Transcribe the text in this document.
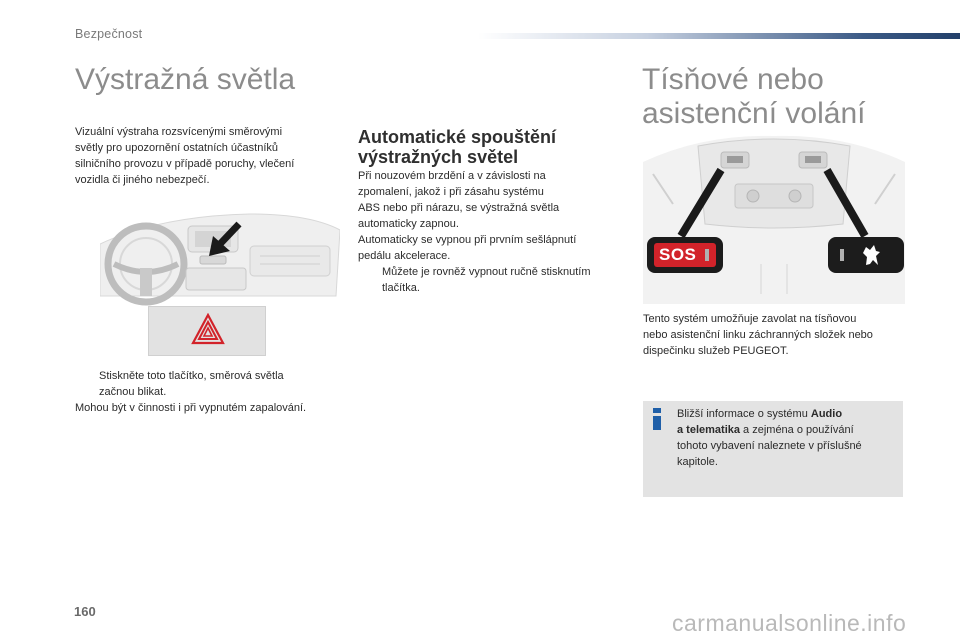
Bezpečnost
Výstražná světla
Vizuální výstraha rozsvícenými směrovými
světly pro upozornění ostatních účastníků
silničního provozu v případě poruchy, vlečení
vozidla či jiného nebezpečí.
Stiskněte toto tlačítko, směrová světla
začnou blikat.
Mohou být v činnosti i při vypnutém zapalování.
Automatické spouštění
výstražných světel
Při nouzovém brzdění a v závislosti na
zpomalení, jakož i při zásahu systému
ABS nebo při nárazu, se výstražná světla
automaticky zapnou.
Automaticky se vypnou při prvním sešlápnutí
pedálu akcelerace.
Můžete je rovněž vypnout ručně stisknutím
tlačítka.
Tísňové nebo
asistenční volání
SOS
Tento systém umožňuje zavolat na tísňovou
nebo asistenční linku záchranných složek nebo
dispečinku služeb PEUGEOT.
Bližší informace o systému Audio
a telematika a zejména o používání
tohoto vybavení naleznete v příslušné
kapitole.
160	carmanualsonline.info
